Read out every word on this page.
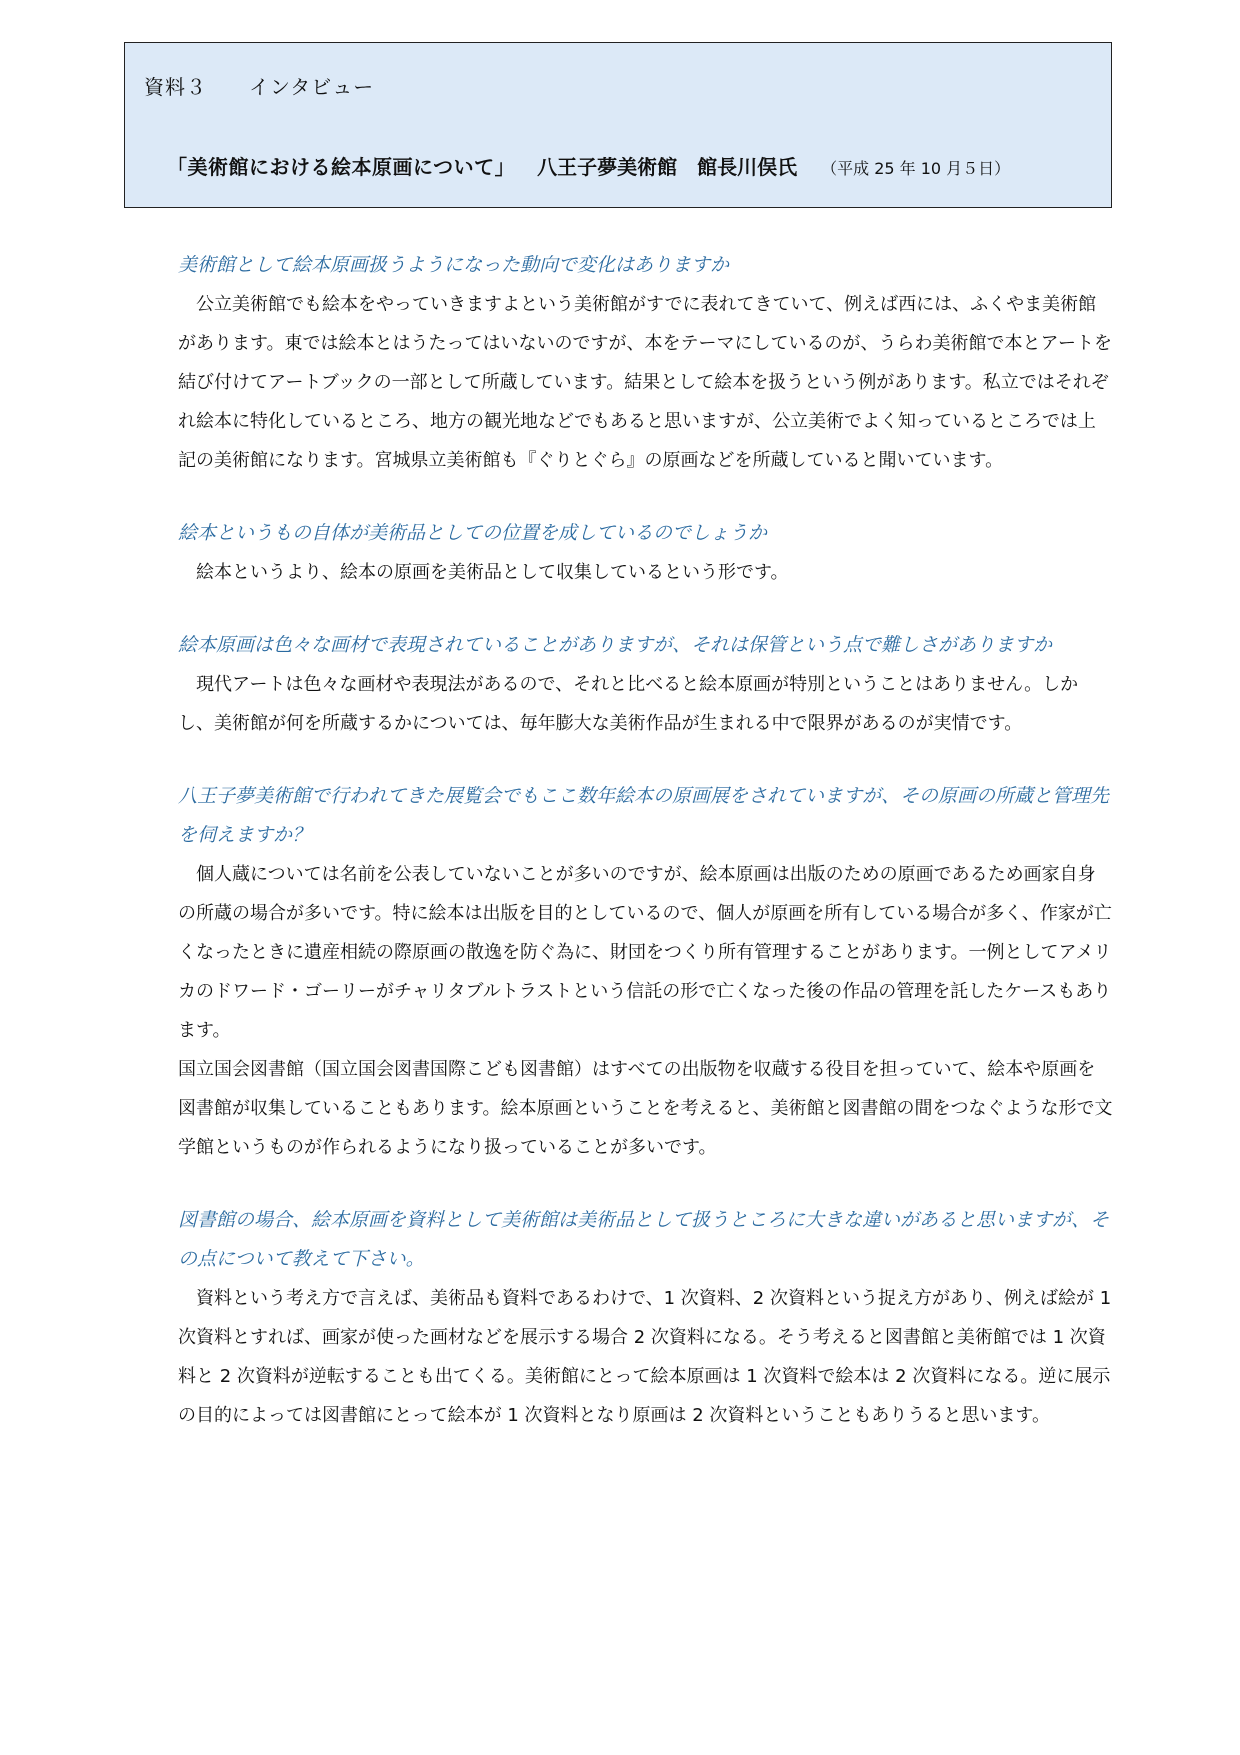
資料３　　インタビュー
「美術館における絵本原画について」 八王子夢美術館　館長川俣氏 （平成 25 年 10 月５日）

美術館として絵本原画扱うようになった動向で変化はありますか

公立美術館でも絵本をやっていきますよという美術館がすでに表れてきていて、例えば西には、ふくやま美術館があります。東では絵本とはうたってはいないのですが、本をテーマにしているのが、うらわ美術館で本とアートを結び付けてアートブックの一部として所蔵しています。結果として絵本を扱うという例があります。私立ではそれぞれ絵本に特化しているところ、地方の観光地などでもあると思いますが、公立美術でよく知っているところでは上記の美術館になります。宮城県立美術館も『ぐりとぐら』の原画などを所蔵していると聞いています。

絵本というもの自体が美術品としての位置を成しているのでしょうか

絵本というより、絵本の原画を美術品として収集しているという形です。

絵本原画は色々な画材で表現されていることがありますが、それは保管という点で難しさがありますか

現代アートは色々な画材や表現法があるので、それと比べると絵本原画が特別ということはありません。しかし、美術館が何を所蔵するかについては、毎年膨大な美術作品が生まれる中で限界があるのが実情です。

八王子夢美術館で行われてきた展覧会でもここ数年絵本の原画展をされていますが、その原画の所蔵と管理先を伺えますか？

個人蔵については名前を公表していないことが多いのですが、絵本原画は出版のための原画であるため画家自身の所蔵の場合が多いです。特に絵本は出版を目的としているので、個人が原画を所有している場合が多く、作家が亡くなったときに遺産相続の際原画の散逸を防ぐ為に、財団をつくり所有管理することがあります。一例としてアメリカのドワード・ゴーリーがチャリタブルトラストという信託の形で亡くなった後の作品の管理を託したケースもあります。

国立国会図書館（国立国会図書国際こども図書館）はすべての出版物を収蔵する役目を担っていて、絵本や原画を図書館が収集していることもあります。絵本原画ということを考えると、美術館と図書館の間をつなぐような形で文学館というものが作られるようになり扱っていることが多いです。

図書館の場合、絵本原画を資料として美術館は美術品として扱うところに大きな違いがあると思いますが、その点について教えて下さい。

資料という考え方で言えば、美術品も資料であるわけで、1 次資料、2 次資料という捉え方があり、例えば絵が 1 次資料とすれば、画家が使った画材などを展示する場合 2 次資料になる。そう考えると図書館と美術館では 1 次資料と 2 次資料が逆転することも出てくる。美術館にとって絵本原画は 1 次資料で絵本は 2 次資料になる。逆に展示の目的によっては図書館にとって絵本が 1 次資料となり原画は 2 次資料ということもありうると思います。
